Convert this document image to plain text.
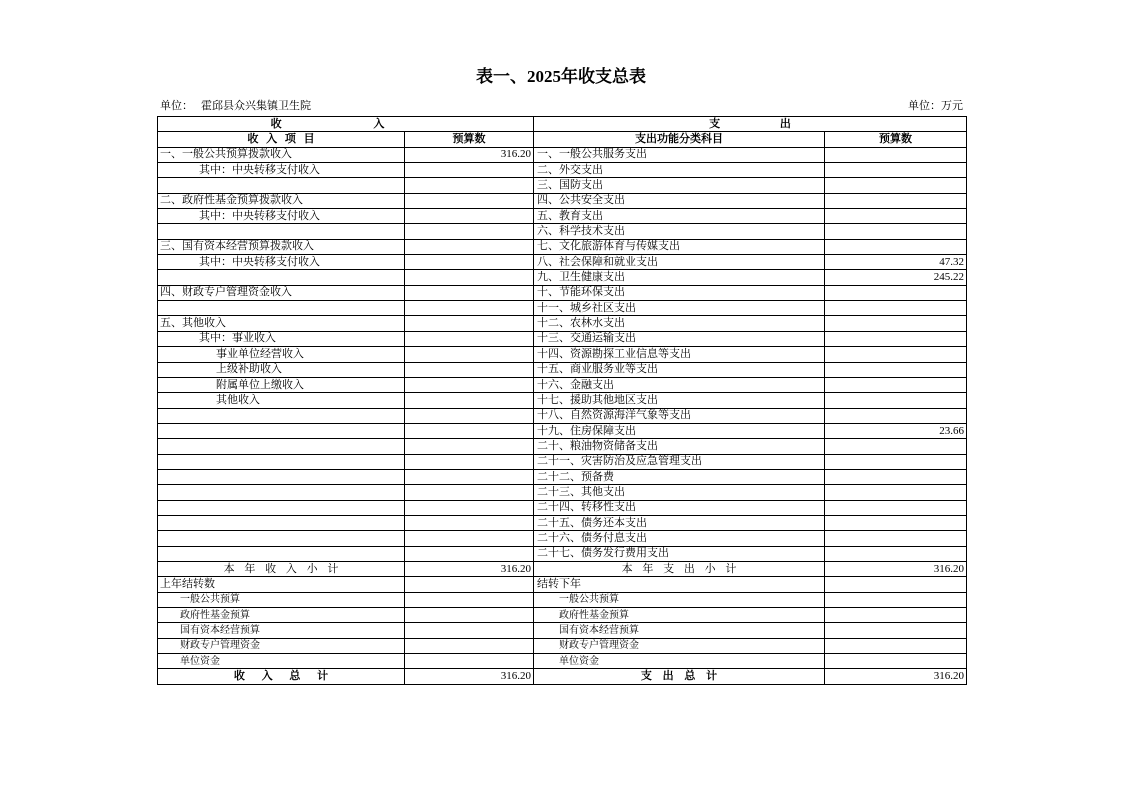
表一、2025年收支总表
单位： 霍邱县众兴集镇卫生院	单位：万元
收 入		支 出	
收 入 项 目	预算数	支出功能分类科目	预算数
一、一般公共预算拨款收入	316.20	一、一般公共服务支出	
其中：中央转移支付收入		二、外交支出	
		三、国防支出	
二、政府性基金预算拨款收入		四、公共安全支出	
其中：中央转移支付收入		五、教育支出	
		六、科学技术支出	
三、国有资本经营预算拨款收入		七、文化旅游体育与传媒支出	
其中：中央转移支付收入		八、社会保障和就业支出	47.32
		九、卫生健康支出	245.22
四、财政专户管理资金收入		十、节能环保支出	
		十一、城乡社区支出	
五、其他收入		十二、农林水支出	
其中：事业收入		十三、交通运输支出	
事业单位经营收入		十四、资源勘探工业信息等支出	
上级补助收入		十五、商业服务业等支出	
附属单位上缴收入		十六、金融支出	
其他收入		十七、援助其他地区支出	
		十八、自然资源海洋气象等支出	
		十九、住房保障支出	23.66
		二十、粮油物资储备支出	
		二十一、灾害防治及应急管理支出	
		二十二、预备费	
		二十三、其他支出	
		二十四、转移性支出	
		二十五、债务还本支出	
		二十六、债务付息支出	
		二十七、债务发行费用支出	
本 年 收 入 小 计	316.20	本 年 支 出 小 计	316.20
上年结转数		结转下年	
一般公共预算		一般公共预算	
政府性基金预算		政府性基金预算	
国有资本经营预算		国有资本经营预算	
财政专户管理资金		财政专户管理资金	
单位资金		单位资金	
收 入 总 计	316.20	支 出 总 计	316.20
